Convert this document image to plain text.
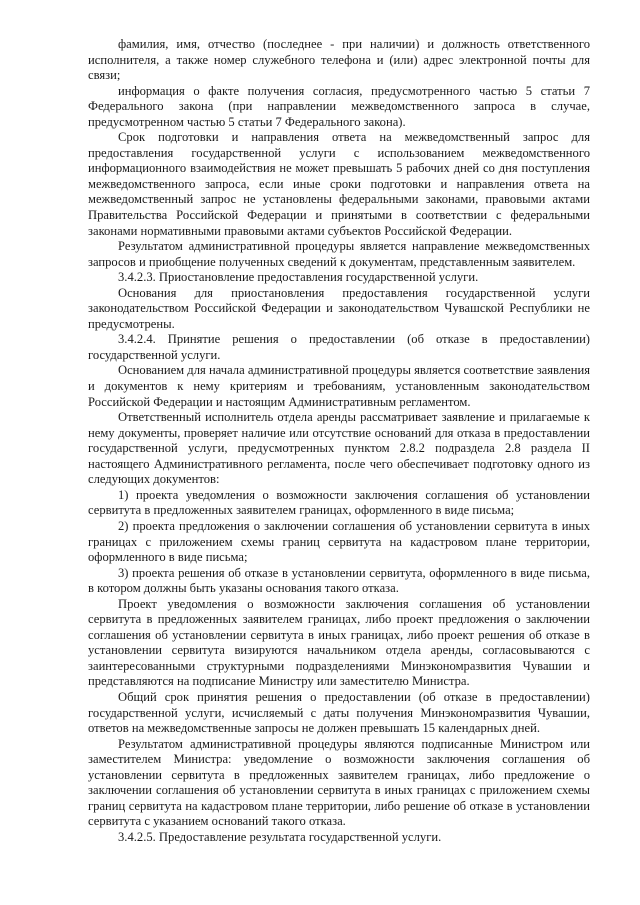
фамилия, имя, отчество (последнее - при наличии) и должность ответственного исполнителя, а также номер служебного телефона и (или) адрес электронной почты для связи;

информация о факте получения согласия, предусмотренного частью 5 статьи 7 Федерального закона (при направлении межведомственного запроса в случае, предусмотренном частью 5 статьи 7 Федерального закона).

Срок подготовки и направления ответа на межведомственный запрос для предоставления государственной услуги с использованием межведомственного информационного взаимодействия не может превышать 5 рабочих дней со дня поступления межведомственного запроса, если иные сроки подготовки и направления ответа на межведомственный запрос не установлены федеральными законами, правовыми актами Правительства Российской Федерации и принятыми в соответствии с федеральными законами нормативными правовыми актами субъектов Российской Федерации.

Результатом административной процедуры является направление межведомственных запросов и приобщение полученных сведений к документам, представленным заявителем.

3.4.2.3. Приостановление предоставления государственной услуги.

Основания для приостановления предоставления государственной услуги законодательством Российской Федерации и законодательством Чувашской Республики не предусмотрены.

3.4.2.4. Принятие решения о предоставлении (об отказе в предоставлении) государственной услуги.

Основанием для начала административной процедуры является соответствие заявления и документов к нему критериям и требованиям, установленным законодательством Российской Федерации и настоящим Административным регламентом.

Ответственный исполнитель отдела аренды рассматривает заявление и прилагаемые к нему документы, проверяет наличие или отсутствие оснований для отказа в предоставлении государственной услуги, предусмотренных пунктом 2.8.2 подраздела 2.8 раздела II настоящего Административного регламента, после чего обеспечивает подготовку одного из следующих документов:

1) проекта уведомления о возможности заключения соглашения об установлении сервитута в предложенных заявителем границах, оформленного в виде письма;

2) проекта предложения о заключении соглашения об установлении сервитута в иных границах с приложением схемы границ сервитута на кадастровом плане территории, оформленного в виде письма;

3) проекта решения об отказе в установлении сервитута, оформленного в виде письма, в котором должны быть указаны основания такого отказа.

Проект уведомления о возможности заключения соглашения об установлении сервитута в предложенных заявителем границах, либо проект предложения о заключении соглашения об установлении сервитута в иных границах, либо проект решения об отказе в установлении сервитута визируются начальником отдела аренды, согласовываются с заинтересованными структурными подразделениями Минэкономразвития Чувашии и представляются на подписание Министру или заместителю Министра.

Общий срок принятия решения о предоставлении (об отказе в предоставлении) государственной услуги, исчисляемый с даты получения Минэкономразвития Чувашии, ответов на межведомственные запросы не должен превышать 15 календарных дней.

Результатом административной процедуры являются подписанные Министром или заместителем Министра: уведомление о возможности заключения соглашения об установлении сервитута в предложенных заявителем границах, либо предложение о заключении соглашения об установлении сервитута в иных границах с приложением схемы границ сервитута на кадастровом плане территории, либо решение об отказе в установлении сервитута с указанием оснований такого отказа.

3.4.2.5. Предоставление результата государственной услуги.
